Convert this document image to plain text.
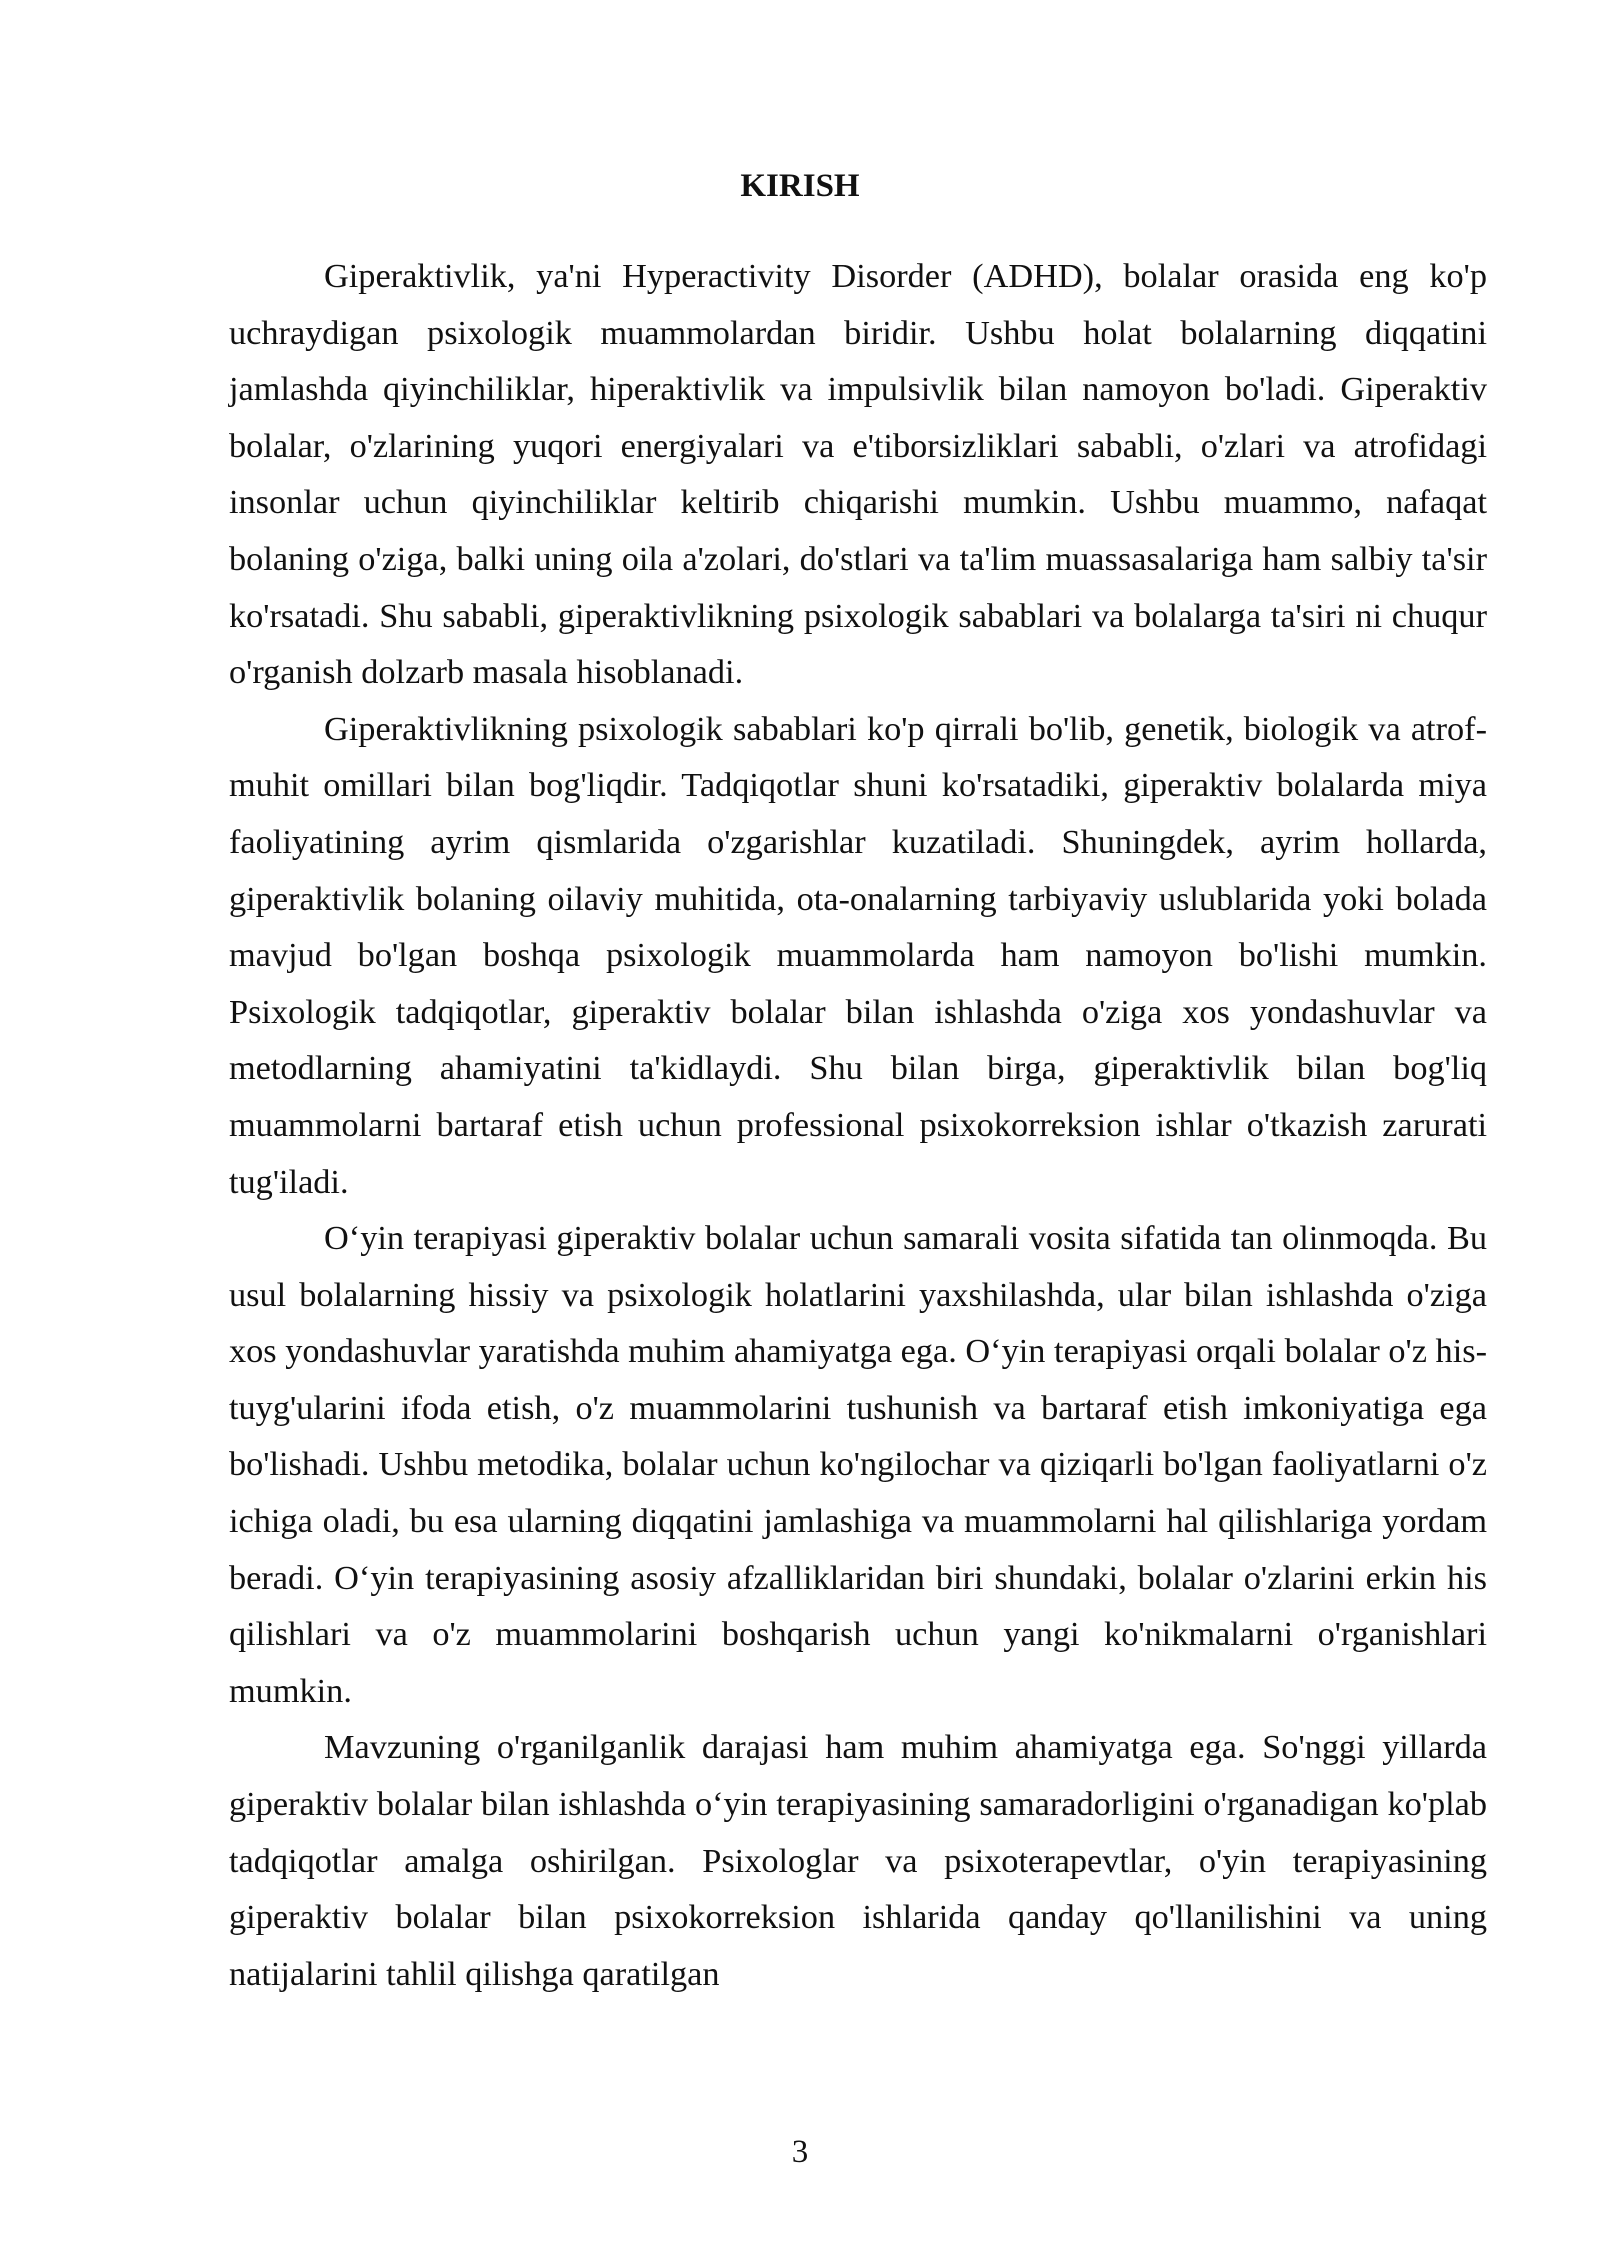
KIRISH

Giperaktivlik, ya'ni Hyperactivity Disorder (ADHD), bolalar orasida eng ko'p uchraydigan psixologik muammolardan biridir. Ushbu holat bolalarning diqqatini jamlashda qiyinchiliklar, hiperaktivlik va impulsivlik bilan namoyon bo'ladi. Giperaktiv bolalar, o'zlarining yuqori energiyalari va e'tiborsizliklari sababli, o'zlari va atrofidagi insonlar uchun qiyinchiliklar keltirib chiqarishi mumkin. Ushbu muammo, nafaqat bolaning o'ziga, balki uning oila a'zolari, do'stlari va ta'lim muassasalariga ham salbiy ta'sir ko'rsatadi. Shu sababli, giperaktivlikning psixologik sabablari va bolalarga ta'siri ni chuqur o'rganish dolzarb masala hisoblanadi.

Giperaktivlikning psixologik sabablari ko'p qirrali bo'lib, genetik, biologik va atrof-muhit omillari bilan bog'liqdir. Tadqiqotlar shuni ko'rsatadiki, giperaktiv bolalarda miya faoliyatining ayrim qismlarida o'zgarishlar kuzatiladi. Shuningdek, ayrim hollarda, giperaktivlik bolaning oilaviy muhitida, ota-onalarning tarbiyaviy uslublarida yoki bolada mavjud bo'lgan boshqa psixologik muammolarda ham namoyon bo'lishi mumkin. Psixologik tadqiqotlar, giperaktiv bolalar bilan ishlashda o'ziga xos yondashuvlar va metodlarning ahamiyatini ta'kidlaydi. Shu bilan birga, giperaktivlik bilan bog'liq muammolarni bartaraf etish uchun professional psixokorreksion ishlar o'tkazish zarurati tug'iladi.

O‘yin terapiyasi giperaktiv bolalar uchun samarali vosita sifatida tan olinmoqda. Bu usul bolalarning hissiy va psixologik holatlarini yaxshilashda, ular bilan ishlashda o'ziga xos yondashuvlar yaratishda muhim ahamiyatga ega. O‘yin terapiyasi orqali bolalar o'z his-tuyg'ularini ifoda etish, o'z muammolarini tushunish va bartaraf etish imkoniyatiga ega bo'lishadi. Ushbu metodika, bolalar uchun ko'ngilochar va qiziqarli bo'lgan faoliyatlarni o'z ichiga oladi, bu esa ularning diqqatini jamlashiga va muammolarni hal qilishlariga yordam beradi. O‘yin terapiyasining asosiy afzalliklaridan biri shundaki, bolalar o'zlarini erkin his qilishlari va o'z muammolarini boshqarish uchun yangi ko'nikmalarni o'rganishlari mumkin.

Mavzuning o'rganilganlik darajasi ham muhim ahamiyatga ega. So'nggi yillarda giperaktiv bolalar bilan ishlashda o‘yin terapiyasining samaradorligini o'rganadigan ko'plab tadqiqotlar amalga oshirilgan. Psixologlar va psixoterapevtlar, o'yin terapiyasining giperaktiv bolalar bilan psixokorreksion ishlarida qanday qo'llanilishini va uning natijalarini tahlil qilishga qaratilgan

3
